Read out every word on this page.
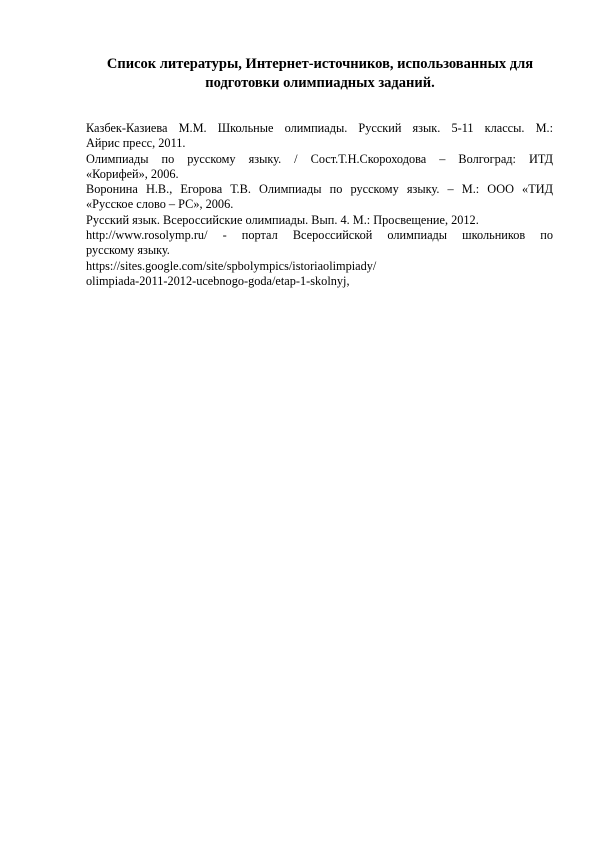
Список литературы, Интернет-источников, использованных для
подготовки олимпиадных заданий.

Казбек-Казиева М.М. Школьные олимпиады. Русский язык. 5-11 классы. М.:
Айрис пресс, 2011.

Олимпиады по русскому языку. / Сост.Т.Н.Скороходова – Волгоград: ИТД
«Корифей», 2006.

Воронина Н.В., Егорова Т.В. Олимпиады по русскому языку. – М.: ООО «ТИД
«Русское слово – РС», 2006.

Русский язык. Всероссийские олимпиады. Вып. 4. М.: Просвещение, 2012.

http://www.rosolymp.ru/ - портал Всероссийской олимпиады школьников по
русскому языку.

https://sites.google.com/site/spbolympics/istoriaolimpiady/
olimpiada-2011-2012-ucebnogo-goda/etap-1-skolnyj,
